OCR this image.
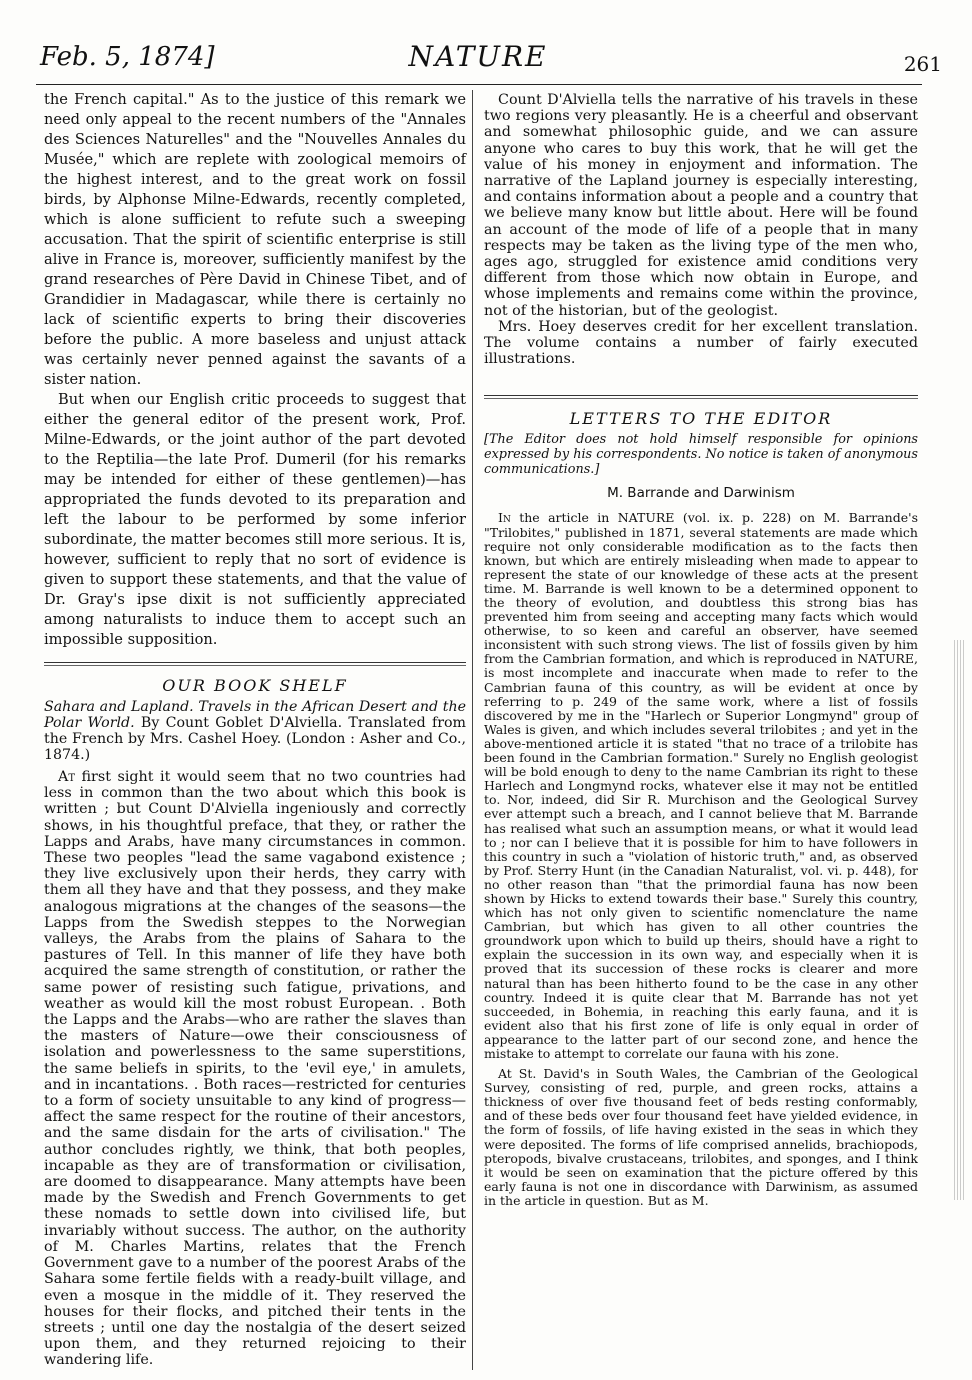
Feb. 5, 1874]	NATURE	261

the French capital." As to the justice of this remark we need only appeal to the recent numbers of the "Annales des Sciences Naturelles" and the "Nouvelles Annales du Musée," which are replete with zoological memoirs of the highest interest, and to the great work on fossil birds, by Alphonse Milne-Edwards, recently completed, which is alone sufficient to refute such a sweeping accusation. That the spirit of scientific enterprise is still alive in France is, moreover, sufficiently manifest by the grand researches of Père David in Chinese Tibet, and of Grandidier in Madagascar, while there is certainly no lack of scientific experts to bring their discoveries before the public. A more baseless and unjust attack was certainly never penned against the savants of a sister nation.

But when our English critic proceeds to suggest that either the general editor of the present work, Prof. Milne-Edwards, or the joint author of the part devoted to the Reptilia—the late Prof. Dumeril (for his remarks may be intended for either of these gentlemen)—has appropriated the funds devoted to its preparation and left the labour to be performed by some inferior subordinate, the matter becomes still more serious. It is, however, sufficient to reply that no sort of evidence is given to support these statements, and that the value of Dr. Gray's ipse dixit is not sufficiently appreciated among naturalists to induce them to accept such an impossible supposition.

OUR BOOK SHELF
Sahara and Lapland. Travels in the African Desert and the Polar World. By Count Goblet D'Alviella. Translated from the French by Mrs. Cashel Hoey. (London : Asher and Co., 1874.)

At first sight it would seem that no two countries had less in common than the two about which this book is written ; but Count D'Alviella ingeniously and correctly shows, in his thoughtful preface, that they, or rather the Lapps and Arabs, have many circumstances in common. These two peoples "lead the same vagabond existence ; they live exclusively upon their herds, they carry with them all they have and that they possess, and they make analogous migrations at the changes of the seasons—the Lapps from the Swedish steppes to the Norwegian valleys, the Arabs from the plains of Sahara to the pastures of Tell. In this manner of life they have both acquired the same strength of constitution, or rather the same power of resisting such fatigue, privations, and weather as would kill the most robust European. . Both the Lapps and the Arabs—who are rather the slaves than the masters of Nature—owe their consciousness of isolation and powerlessness to the same superstitions, the same beliefs in spirits, to the 'evil eye,' in amulets, and in incantations. . Both races—restricted for centuries to a form of society unsuitable to any kind of progress—affect the same respect for the routine of their ancestors, and the same disdain for the arts of civilisation." The author concludes rightly, we think, that both peoples, incapable as they are of transformation or civilisation, are doomed to disappearance. Many attempts have been made by the Swedish and French Governments to get these nomads to settle down into civilised life, but invariably without success. The author, on the authority of M. Charles Martins, relates that the French Government gave to a number of the poorest Arabs of the Sahara some fertile fields with a ready-built village, and even a mosque in the middle of it. They reserved the houses for their flocks, and pitched their tents in the streets ; until one day the nostalgia of the desert seized upon them, and they returned rejoicing to their wandering life.

Count D'Alviella tells the narrative of his travels in these two regions very pleasantly. He is a cheerful and observant and somewhat philosophic guide, and we can assure anyone who cares to buy this work, that he will get the value of his money in enjoyment and information. The narrative of the Lapland journey is especially interesting, and contains information about a people and a country that we believe many know but little about. Here will be found an account of the mode of life of a people that in many respects may be taken as the living type of the men who, ages ago, struggled for existence amid conditions very different from those which now obtain in Europe, and whose implements and remains come within the province, not of the historian, but of the geologist.

Mrs. Hoey deserves credit for her excellent translation. The volume contains a number of fairly executed illustrations.

LETTERS TO THE EDITOR
[The Editor does not hold himself responsible for opinions expressed by his correspondents. No notice is taken of anonymous communications.]
M. Barrande and Darwinism

In the article in NATURE (vol. ix. p. 228) on M. Barrande's "Trilobites," published in 1871, several statements are made which require not only considerable modification as to the facts then known, but which are entirely misleading when made to appear to represent the state of our knowledge of these acts at the present time. M. Barrande is well known to be a determined opponent to the theory of evolution, and doubtless this strong bias has prevented him from seeing and accepting many facts which would otherwise, to so keen and careful an observer, have seemed inconsistent with such strong views. The list of fossils given by him from the Cambrian formation, and which is reproduced in NATURE, is most incomplete and inaccurate when made to refer to the Cambrian fauna of this country, as will be evident at once by referring to p. 249 of the same work, where a list of fossils discovered by me in the "Harlech or Superior Longmynd" group of Wales is given, and which includes several trilobites ; and yet in the above-mentioned article it is stated "that no trace of a trilobite has been found in the Cambrian formation." Surely no English geologist will be bold enough to deny to the name Cambrian its right to these Harlech and Longmynd rocks, whatever else it may not be entitled to. Nor, indeed, did Sir R. Murchison and the Geological Survey ever attempt such a breach, and I cannot believe that M. Barrande has realised what such an assumption means, or what it would lead to ; nor can I believe that it is possible for him to have followers in this country in such a "violation of historic truth," and, as observed by Prof. Sterry Hunt (in the Canadian Naturalist, vol. vi. p. 448), for no other reason than "that the primordial fauna has now been shown by Hicks to extend towards their base." Surely this country, which has not only given to scientific nomenclature the name Cambrian, but which has given to all other countries the groundwork upon which to build up theirs, should have a right to explain the succession in its own way, and especially when it is proved that its succession of these rocks is clearer and more natural than has been hitherto found to be the case in any other country. Indeed it is quite clear that M. Barrande has not yet succeeded, in Bohemia, in reaching this early fauna, and it is evident also that his first zone of life is only equal in order of appearance to the latter part of our second zone, and hence the mistake to attempt to correlate our fauna with his zone.

At St. David's in South Wales, the Cambrian of the Geological Survey, consisting of red, purple, and green rocks, attains a thickness of over five thousand feet of beds resting conformably, and of these beds over four thousand feet have yielded evidence, in the form of fossils, of life having existed in the seas in which they were deposited. The forms of life comprised annelids, brachiopods, pteropods, bivalve crustaceans, trilobites, and sponges, and I think it would be seen on examination that the picture offered by this early fauna is not one in discordance with Darwinism, as assumed in the article in question. But as M.
